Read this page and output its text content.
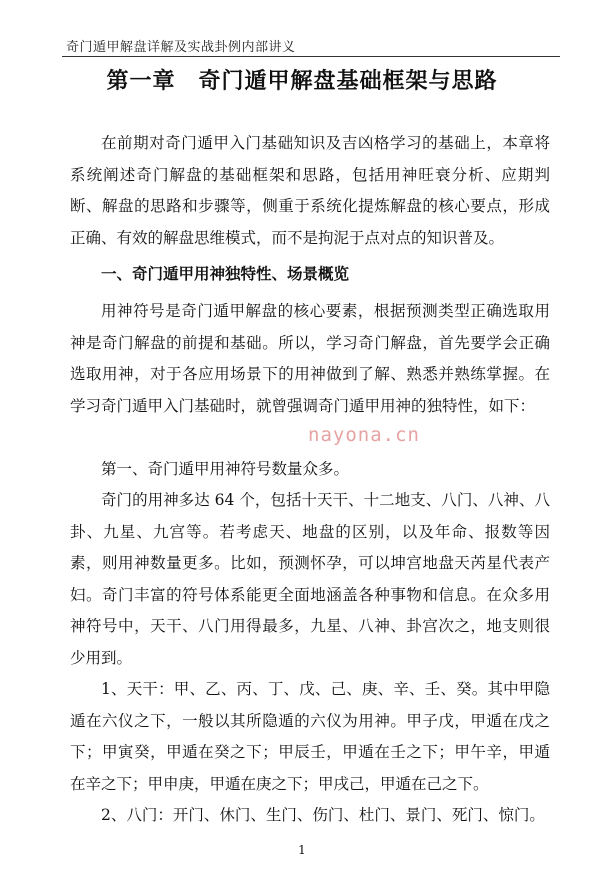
奇门遁甲解盘详解及实战卦例内部讲义
第一章　奇门遁甲解盘基础框架与思路

在前期对奇门遁甲入门基础知识及吉凶格学习的基础上，本章将系统阐述奇门解盘的基础框架和思路，包括用神旺衰分析、应期判断、解盘的思路和步骤等，侧重于系统化提炼解盘的核心要点，形成正确、有效的解盘思维模式，而不是拘泥于点对点的知识普及。

一、奇门遁甲用神独特性、场景概览

用神符号是奇门遁甲解盘的核心要素，根据预测类型正确选取用神是奇门解盘的前提和基础。所以，学习奇门解盘，首先要学会正确选取用神，对于各应用场景下的用神做到了解、熟悉并熟练掌握。在学习奇门遁甲入门基础时，就曾强调奇门遁甲用神的独特性，如下：

第一、奇门遁甲用神符号数量众多。

奇门的用神多达 64 个，包括十天干、十二地支、八门、八神、八卦、九星、九宫等。若考虑天、地盘的区别，以及年命、报数等因素，则用神数量更多。比如，预测怀孕，可以坤宫地盘天芮星代表产妇。奇门丰富的符号体系能更全面地涵盖各种事物和信息。在众多用神符号中，天干、八门用得最多，九星、八神、卦宫次之，地支则很少用到。

1、天干：甲、乙、丙、丁、戊、己、庚、辛、壬、癸。其中甲隐遁在六仪之下，一般以其所隐遁的六仪为用神。甲子戊，甲遁在戊之下；甲寅癸，甲遁在癸之下；甲辰壬，甲遁在壬之下；甲午辛，甲遁在辛之下；甲申庚，甲遁在庚之下；甲戌己，甲遁在己之下。

2、八门：开门、休门、生门、伤门、杜门、景门、死门、惊门。

nayona.cn
1
